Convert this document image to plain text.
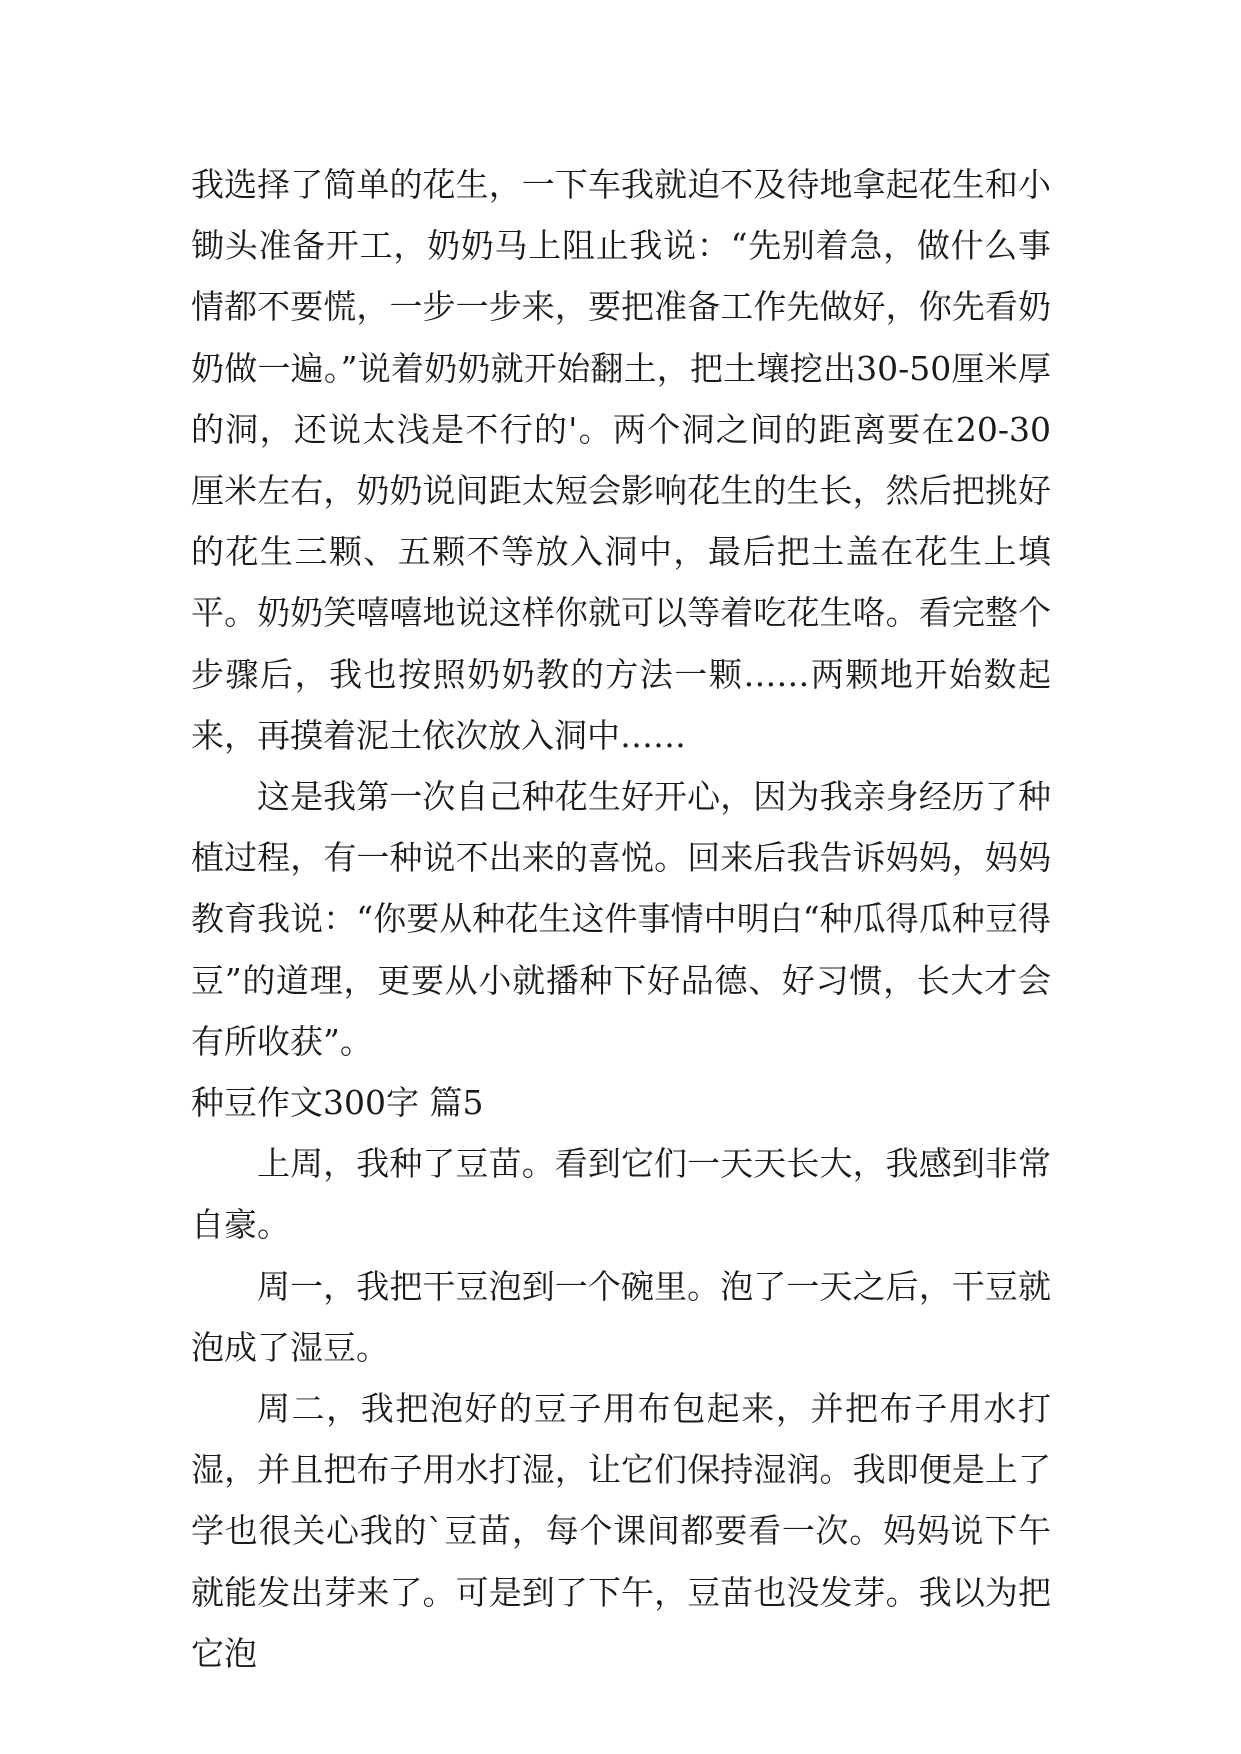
我选择了简单的花生，一下车我就迫不及待地拿起花生和小锄头准备开工，奶奶马上阻止我说：“先别着急，做什么事情都不要慌，一步一步来，要把准备工作先做好，你先看奶奶做一遍。”说着奶奶就开始翻土，把土壤挖出30-50厘米厚的洞，还说太浅是不行的'。两个洞之间的距离要在20-30厘米左右，奶奶说间距太短会影响花生的生长，然后把挑好的花生三颗、五颗不等放入洞中，最后把土盖在花生上填平。奶奶笑嘻嘻地说这样你就可以等着吃花生咯。看完整个步骤后，我也按照奶奶教的方法一颗……两颗地开始数起来，再摸着泥土依次放入洞中……

这是我第一次自己种花生好开心，因为我亲身经历了种植过程，有一种说不出来的喜悦。回来后我告诉妈妈，妈妈教育我说：“你要从种花生这件事情中明白“种瓜得瓜种豆得豆”的道理，更要从小就播种下好品德、好习惯，长大才会有所收获”。

种豆作文300字 篇5

上周，我种了豆苗。看到它们一天天长大，我感到非常自豪。

周一，我把干豆泡到一个碗里。泡了一天之后，干豆就泡成了湿豆。

周二，我把泡好的豆子用布包起来，并把布子用水打湿，并且把布子用水打湿，让它们保持湿润。我即便是上了学也很关心我的`豆苗，每个课间都要看一次。妈妈说下午就能发出芽来了。可是到了下午，豆苗也没发芽。我以为把它泡
